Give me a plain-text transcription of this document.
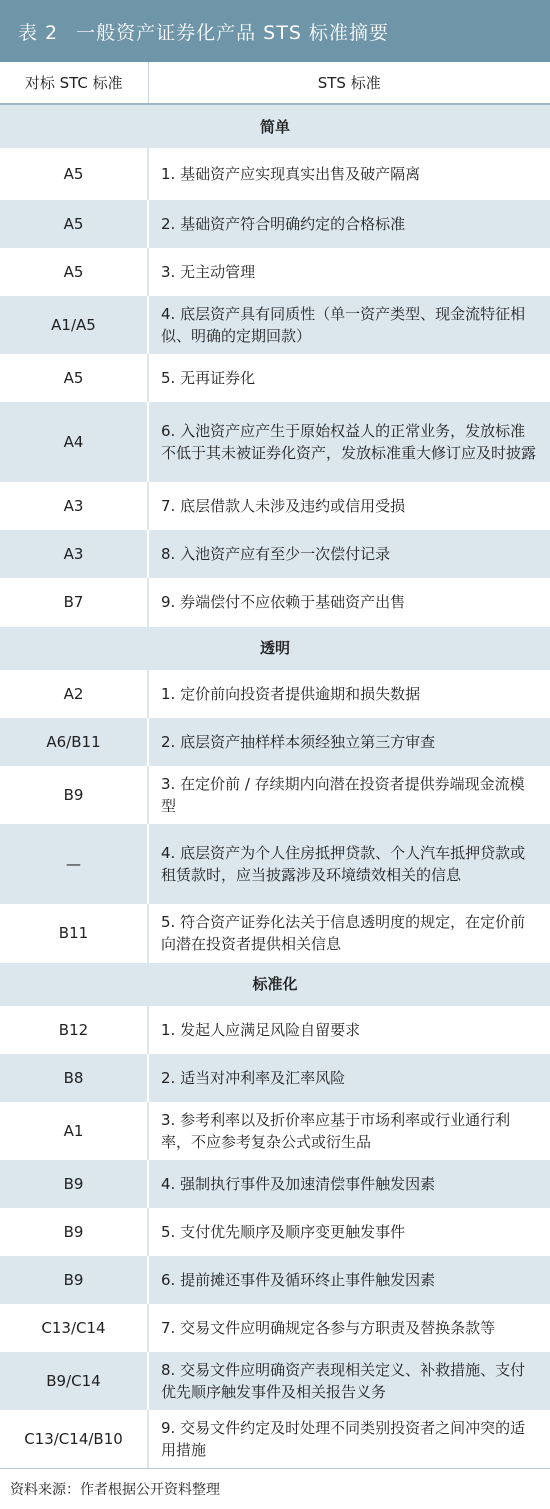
表 2 一般资产证券化产品 STS 标准摘要
对标 STC 标准	STS 标准
简单	
A5	1. 基础资产应实现真实出售及破产隔离
A5	2. 基础资产符合明确约定的合格标准
A5	3. 无主动管理
A1/A5	4. 底层资产具有同质性（单一资产类型、现金流特征相似、明确的定期回款）
A5	5. 无再证券化
A4	6. 入池资产应产生于原始权益人的正常业务，发放标准不低于其未被证券化资产，发放标准重大修订应及时披露
A3	7. 底层借款人未涉及违约或信用受损
A3	8. 入池资产应有至少一次偿付记录
B7	9. 券端偿付不应依赖于基础资产出售
透明	
A2	1. 定价前向投资者提供逾期和损失数据
A6/B11	2. 底层资产抽样样本须经独立第三方审查
B9	3. 在定价前 / 存续期内向潜在投资者提供券端现金流模型
—	4. 底层资产为个人住房抵押贷款、个人汽车抵押贷款或租赁款时，应当披露涉及环境绩效相关的信息
B11	5. 符合资产证券化法关于信息透明度的规定，在定价前向潜在投资者提供相关信息
标准化	
B12	1. 发起人应满足风险自留要求
B8	2. 适当对冲利率及汇率风险
A1	3. 参考利率以及折价率应基于市场利率或行业通行利率，不应参考复杂公式或衍生品
B9	4. 强制执行事件及加速清偿事件触发因素
B9	5. 支付优先顺序及顺序变更触发事件
B9	6. 提前摊还事件及循环终止事件触发因素
C13/C14	7. 交易文件应明确规定各参与方职责及替换条款等
B9/C14	8. 交易文件应明确资产表现相关定义、补救措施、支付优先顺序触发事件及相关报告义务
C13/C14/B10	9. 交易文件约定及时处理不同类别投资者之间冲突的适用措施
资料来源：作者根据公开资料整理
